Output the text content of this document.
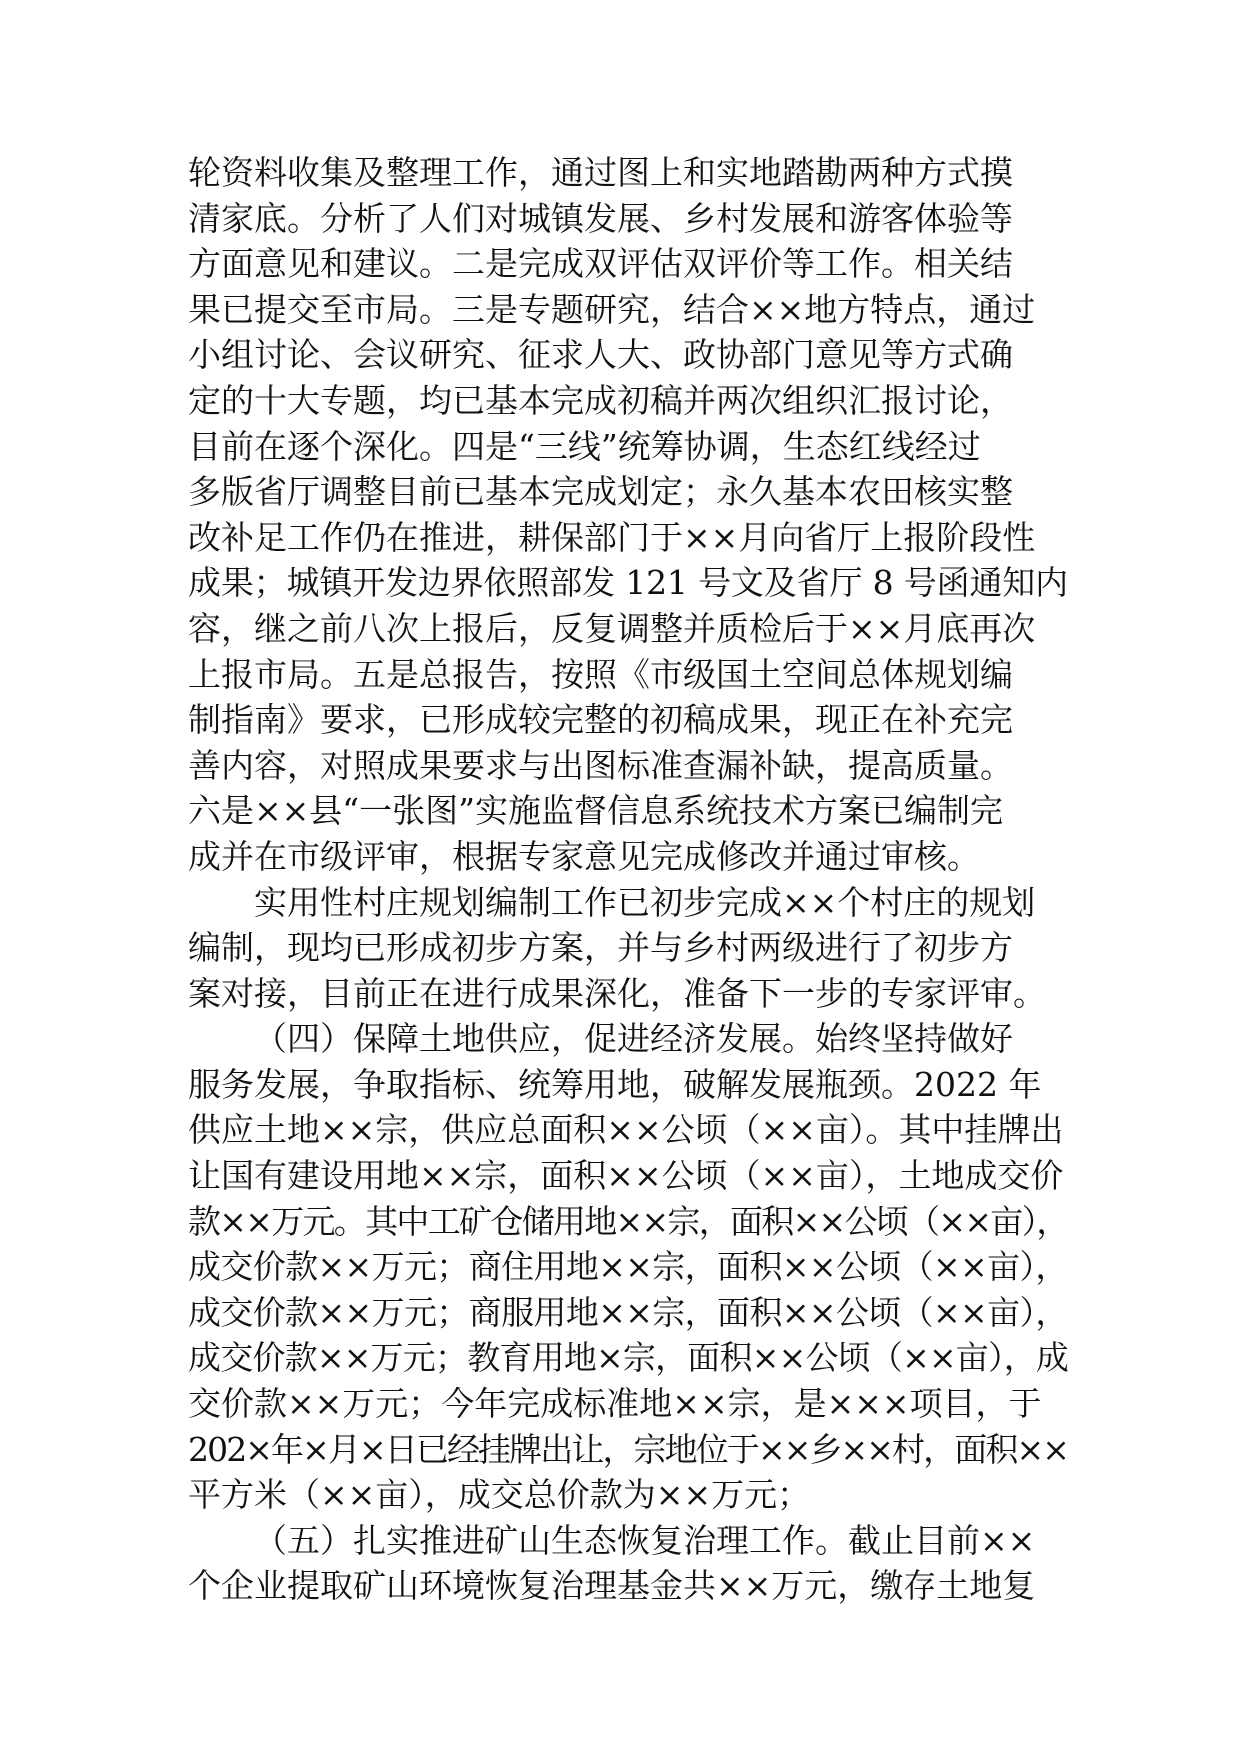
轮资料收集及整理工作，通过图上和实地踏勘两种方式摸
清家底。分析了人们对城镇发展、乡村发展和游客体验等
方面意见和建议。二是完成双评估双评价等工作。相关结
果已提交至市局。三是专题研究，结合××地方特点，通过
小组讨论、会议研究、征求人大、政协部门意见等方式确
定的十大专题，均已基本完成初稿并两次组织汇报讨论，
目前在逐个深化。四是“三线”统筹协调，生态红线经过
多版省厅调整目前已基本完成划定；永久基本农田核实整
改补足工作仍在推进，耕保部门于××月向省厅上报阶段性
成果；城镇开发边界依照部发 121 号文及省厅 8 号函通知内
容，继之前八次上报后，反复调整并质检后于××月底再次
上报市局。五是总报告，按照《市级国土空间总体规划编
制指南》要求，已形成较完整的初稿成果，现正在补充完
善内容，对照成果要求与出图标准查漏补缺，提高质量。
六是××县“一张图”实施监督信息系统技术方案已编制完
成并在市级评审，根据专家意见完成修改并通过审核。
实用性村庄规划编制工作已初步完成××个村庄的规划
编制，现均已形成初步方案，并与乡村两级进行了初步方
案对接，目前正在进行成果深化，准备下一步的专家评审。
（四）保障土地供应，促进经济发展。始终坚持做好
服务发展，争取指标、统筹用地，破解发展瓶颈。2022 年
供应土地××宗，供应总面积××公顷（××亩）。其中挂牌出
让国有建设用地××宗，面积××公顷（××亩），土地成交价
款××万元。其中工矿仓储用地××宗，面积××公顷（××亩），
成交价款××万元；商住用地××宗，面积××公顷（××亩），
成交价款××万元；商服用地××宗，面积××公顷（××亩），
成交价款××万元；教育用地×宗，面积××公顷（××亩），成
交价款××万元；今年完成标准地××宗，是×××项目，于
202×年×月×日已经挂牌出让，宗地位于××乡××村，面积××
平方米（××亩），成交总价款为××万元；
（五）扎实推进矿山生态恢复治理工作。截止目前××
个企业提取矿山环境恢复治理基金共××万元，缴存土地复
